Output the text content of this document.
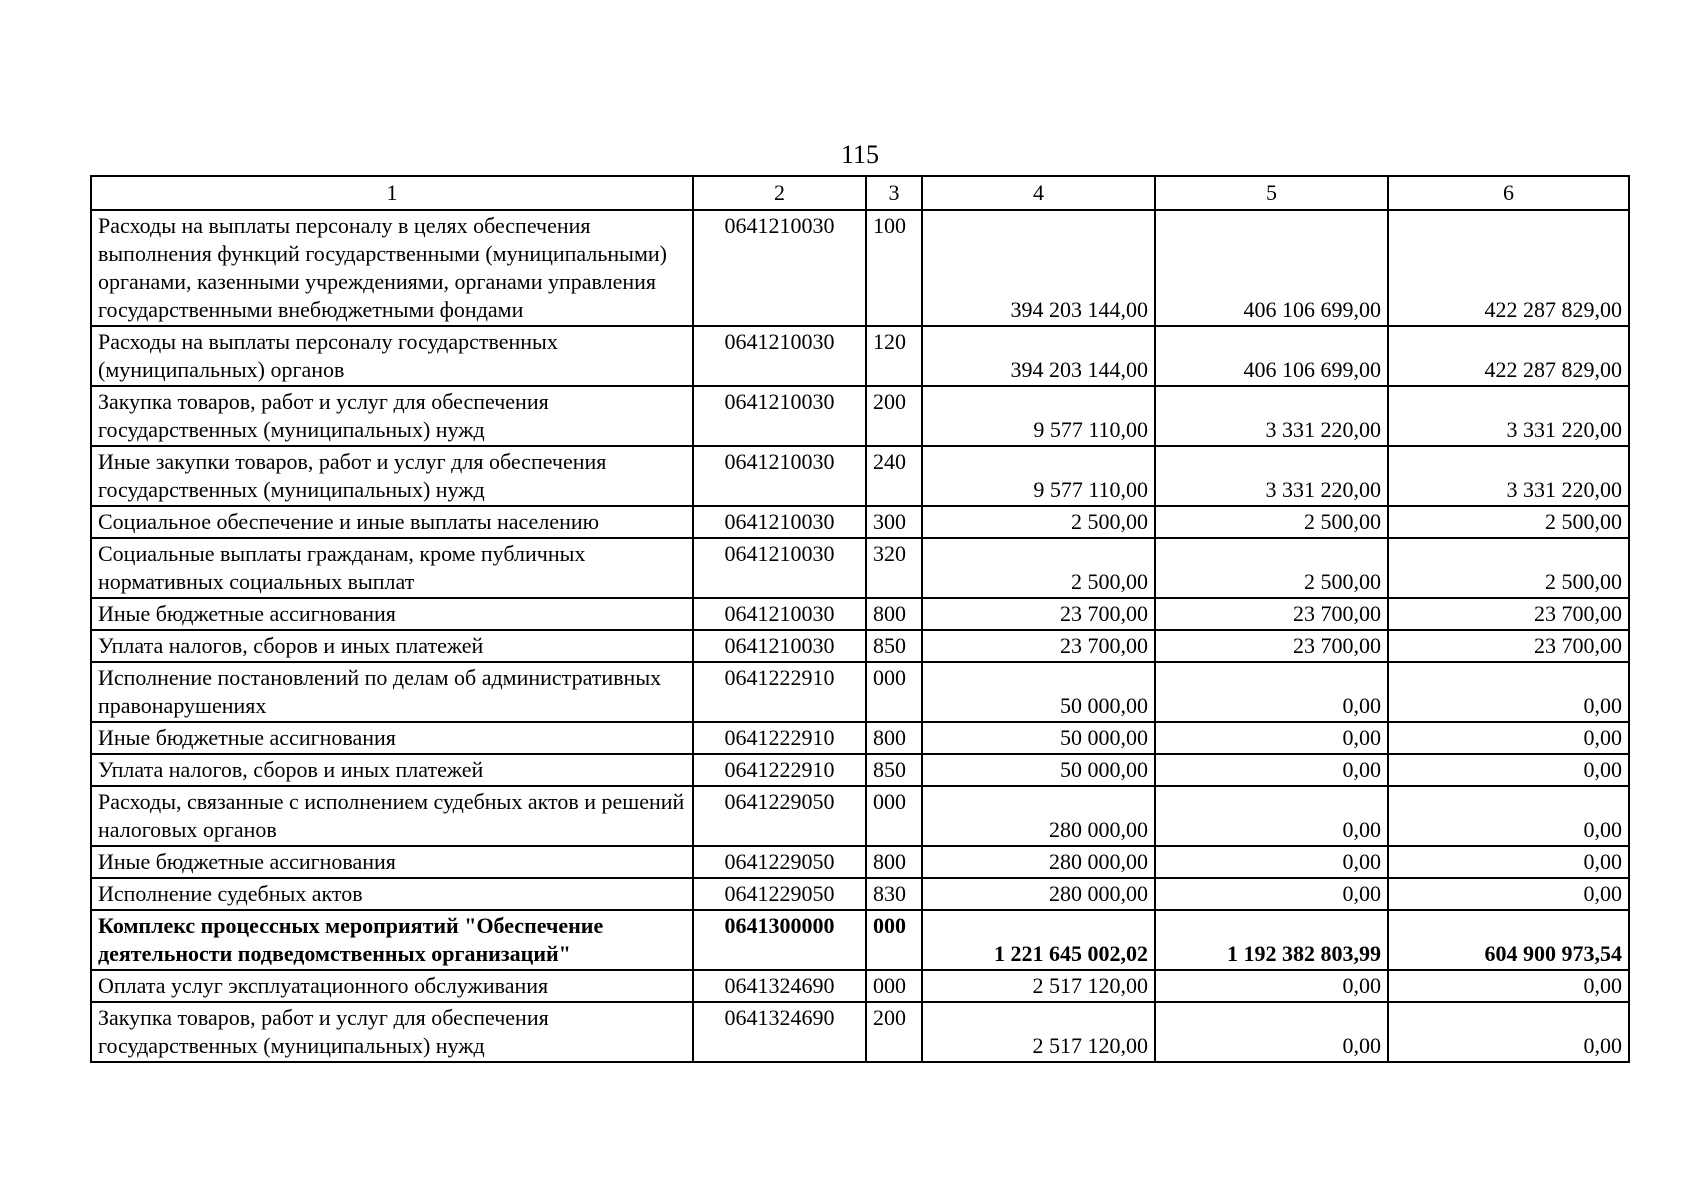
115
1	2	3	4	5	6
Расходы на выплаты персоналу в целях обеспечения выполнения функций государственными (муниципальными) органами, казенными учреждениями, органами управления государственными внебюджетными фондами	0641210030	100	394 203 144,00	406 106 699,00	422 287 829,00
Расходы на выплаты персоналу государственных (муниципальных) органов	0641210030	120	394 203 144,00	406 106 699,00	422 287 829,00
Закупка товаров, работ и услуг для обеспечения государственных (муниципальных) нужд	0641210030	200	9 577 110,00	3 331 220,00	3 331 220,00
Иные закупки товаров, работ и услуг для обеспечения государственных (муниципальных) нужд	0641210030	240	9 577 110,00	3 331 220,00	3 331 220,00
Социальное обеспечение и иные выплаты населению	0641210030	300	2 500,00	2 500,00	2 500,00
Социальные выплаты гражданам, кроме публичных нормативных социальных выплат	0641210030	320	2 500,00	2 500,00	2 500,00
Иные бюджетные ассигнования	0641210030	800	23 700,00	23 700,00	23 700,00
Уплата налогов, сборов и иных платежей	0641210030	850	23 700,00	23 700,00	23 700,00
Исполнение постановлений по делам об административных правонарушениях	0641222910	000	50 000,00	0,00	0,00
Иные бюджетные ассигнования	0641222910	800	50 000,00	0,00	0,00
Уплата налогов, сборов и иных платежей	0641222910	850	50 000,00	0,00	0,00
Расходы, связанные с исполнением судебных актов и решений налоговых органов	0641229050	000	280 000,00	0,00	0,00
Иные бюджетные ассигнования	0641229050	800	280 000,00	0,00	0,00
Исполнение судебных актов	0641229050	830	280 000,00	0,00	0,00
Комплекс процессных мероприятий "Обеспечение деятельности подведомственных организаций"	0641300000	000	1 221 645 002,02	1 192 382 803,99	604 900 973,54
Оплата услуг эксплуатационного обслуживания	0641324690	000	2 517 120,00	0,00	0,00
Закупка товаров, работ и услуг для обеспечения государственных (муниципальных) нужд	0641324690	200	2 517 120,00	0,00	0,00
